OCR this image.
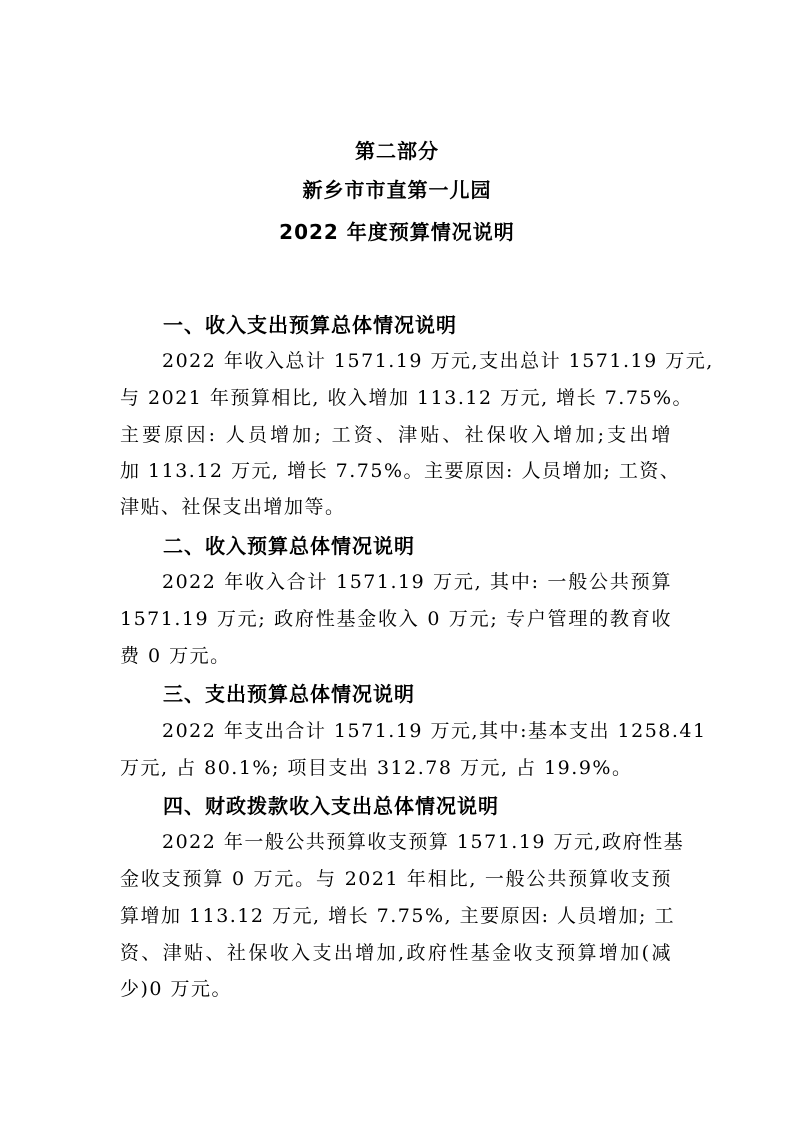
第二部分
新乡市市直第一儿园
2022 年度预算情况说明
一、收入支出预算总体情况说明
2022 年收入总计 1571.19 万元,支出总计 1571.19 万元,
与 2021 年预算相比, 收入增加 113.12 万元, 增长 7.75%。
主要原因: 人员增加; 工资、津贴、社保收入增加;支出增
加 113.12 万元, 增长 7.75%。主要原因: 人员增加; 工资、
津贴、社保支出增加等。
二、收入预算总体情况说明
2022 年收入合计 1571.19 万元, 其中: 一般公共预算
1571.19 万元; 政府性基金收入 0 万元; 专户管理的教育收
费 0 万元。
三、支出预算总体情况说明
2022 年支出合计 1571.19 万元,其中:基本支出 1258.41
万元, 占 80.1%; 项目支出 312.78 万元, 占 19.9%。
四、财政拨款收入支出总体情况说明
2022 年一般公共预算收支预算 1571.19 万元,政府性基
金收支预算 0 万元。与 2021 年相比, 一般公共预算收支预
算增加 113.12 万元, 增长 7.75%, 主要原因: 人员增加; 工
资、津贴、社保收入支出增加,政府性基金收支预算增加(减
少)0 万元。
